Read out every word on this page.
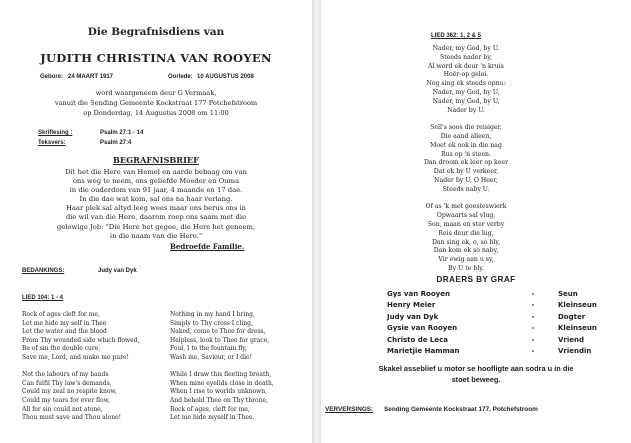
Die Begrafnisdiens van
JUDITH CHRISTINA VAN ROOYEN
Gebore: 24 MAART 1917	Oorlede: 10 AUGUSTUS 2008
word waargeneem deur G Vermaak,
vanuit die Sending Gemeente Kockstraat 177 Potchefstroom
op Donderdag, 14 Augustus 2008 om 11:00
Skriflesing :	Psalm 27:1 - 14
Teksvers:	Psalm 27:4
BEGRAFNISBRIEF
Dit het die Here van Hemel en aarde behaag om van
ons weg te neem, ons geliefde Moeder en Ouma
in die ouderdom van 91 jaar, 4 maande en 17 dae.
In die dae wat kom, sal ons na haar verlang.
Haar plek sal altyd leeg wees maar ons berus ons in
die wil van die Here, daarom roep ons saam met die
gelowige Job: "Die Here het gegee, die Here het geneem,
in die naam van die Here."
Bedroefde Familie.
BEDANKINGS:	Judy van Dyk
LIED 104: 1 - 4
Rock of ages cleft for me,
Let me hide my self in Thee
Let the water and the blood
From Thy wounded side which flowed,
Be of sin the double cure,
Save me, Lord, and make me pure!
Not the labours of my hands
Can fulfil Thy law's demands,
Could my zeal no respite know,
Could my tears for ever flow,
All for sin could not atone,
Thou must save and Thou alone!
Nothing in my hand I bring,
Simply to Thy cross I cling,
Naked, come to Thee for dress,
Helpless, look to Thee for grace,
Foul, I to the fountain fly,
Wash me, Saviour, or I die!
While I draw this fleeting breath,
When mine eyelids close in death,
When I rise to worlds unknown,
And behold Thee on Thy throne,
Rock of ages, cleft for me,
Let me hide myself in Thee.
LIED 362: 1, 2 & 5
Nader, my God, by U.
Steeds nader by,
Al word ek deur 'n kruis
Hoër-op gelei.
Nog sing ek steeds opnu:
Nader, my God, by U,
Nader, my God, by U,
Nader by U.
Sell's soos die reisiger,
Die aand alleen,
Moet ek ook in die nag
Rus op 'n steen.
Dan droom ek leer op keer
Dat ek by U verkeer,
Nader by U, O Heer,
Steeds naby U.
Of as 'k met geesteswierk
Opwaarts sal vlug,
Son, maan en ster verby
Reis deur die lug,
Dan sing ek, o, so bly,
Dan kom ek so naby,
Vir ewig aan u sy,
By U te bly.
DRAERS BY GRAF
Gys van Rooyen	-	Seun
Henry Meier	-	Kleinseun
Judy van Dyk	-	Dogter
Gysie van Rooyen	-	Kleinseun
Christo de Leca	-	Vriend
Marietjie Hamman	-	Vriendin
Skakel asseblief u motor se hoofligte aan sodra u in die
stoet beweeg.
VERVERSINGS: Sending Gemeente Kockstraat 177, Potchefstroom
